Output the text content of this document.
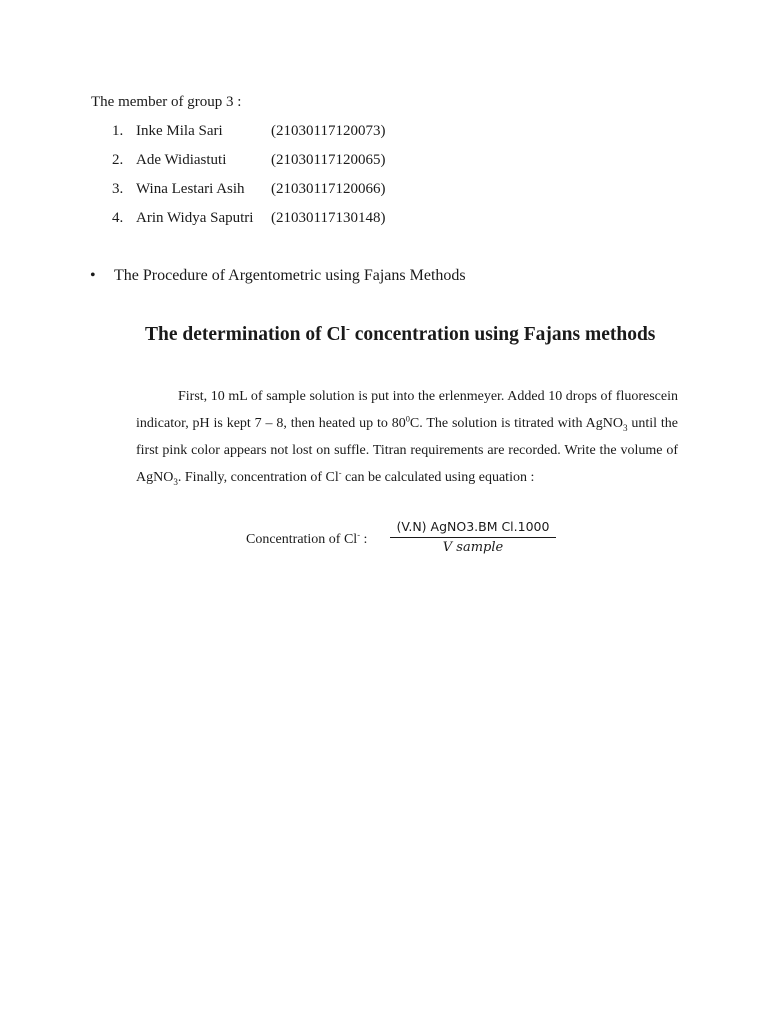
The member of group 3 :
1. Inke Mila Sari	(21030117120073)
2. Ade Widiastuti	(21030117120065)
3. Wina Lestari Asih (21030117120066)
4. Arin Widya Saputri (21030117130148)
• The Procedure of Argentometric using Fajans Methods
The determination of Cl- concentration using Fajans methods

First, 10 mL of sample solution is put into the erlenmeyer. Added 10 drops of fluorescein indicator, pH is kept 7 – 8, then heated up to $80^0C$. The solution is titrated with AgNO$_3$ until the first pink color appears not lost on suffle. Titran requirements are recorded. Write the volume of AgNO$_3$. Finally, concentration of Cl- can be calculated using equation :

Concentration of Cl- :
(V.N) AgNO3.BM Cl.1000
V sample
